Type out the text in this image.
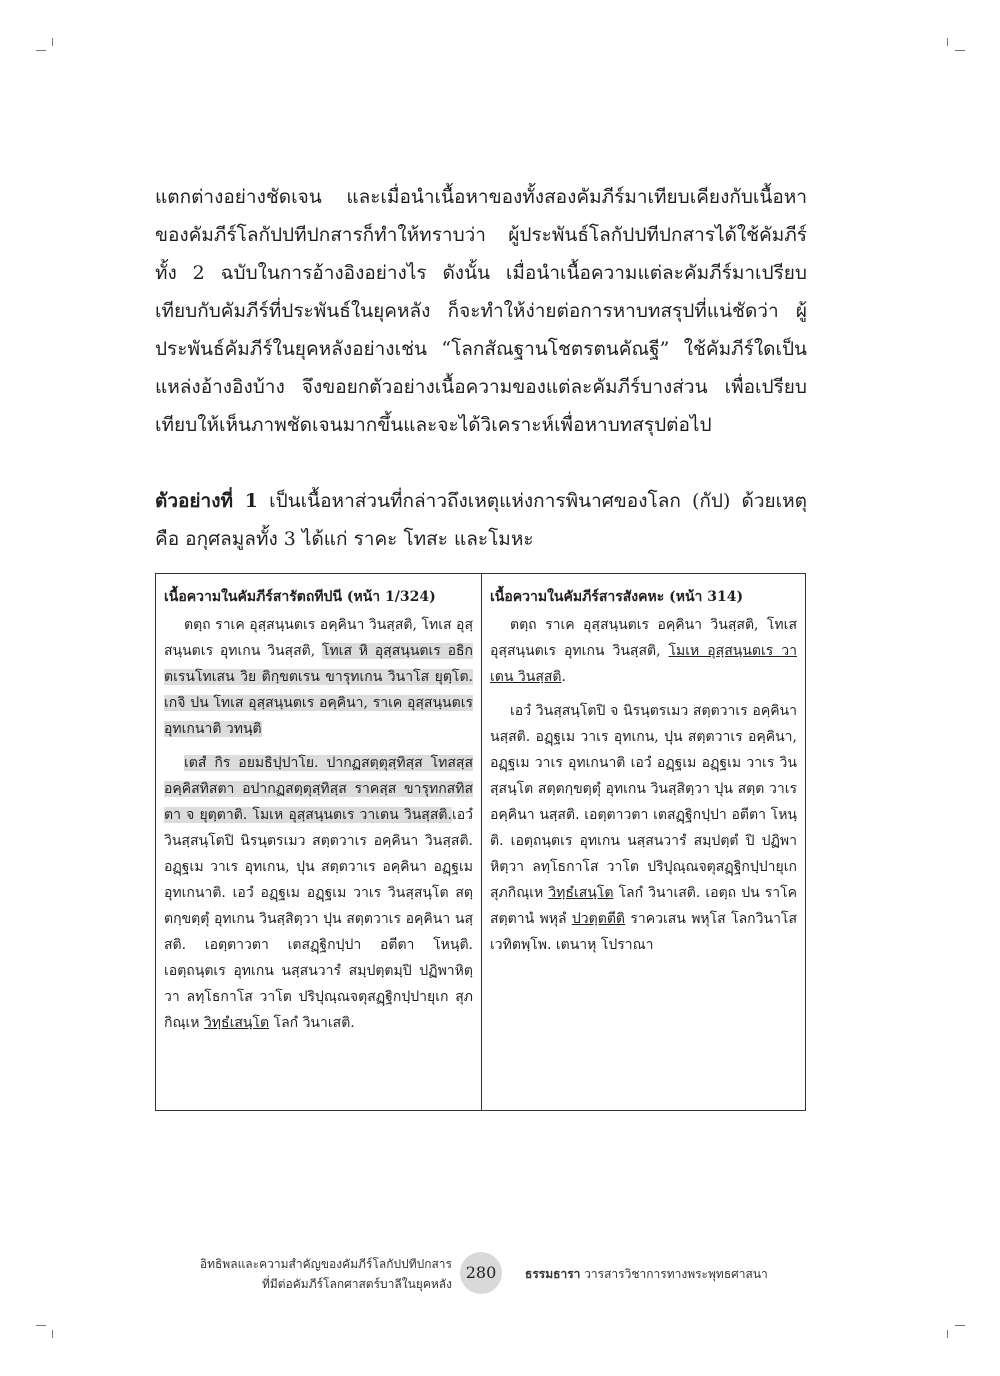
แตกต่างอย่างชัดเจน และเมื่อนำเนื้อหาของทั้งสองคัมภีร์มาเทียบเคียงกับเนื้อหาของคัมภีร์โลกัปปทีปกสารก็ทำให้ทราบว่า ผู้ประพันธ์โลกัปปทีปกสารได้ใช้คัมภีร์ทั้ง 2 ฉบับในการอ้างอิงอย่างไร ดังนั้น เมื่อนำเนื้อความแต่ละคัมภีร์มาเปรียบเทียบกับคัมภีร์ที่ประพันธ์ในยุคหลัง ก็จะทำให้ง่ายต่อการหาบทสรุปที่แน่ชัดว่า ผู้ประพันธ์คัมภีร์ในยุคหลังอย่างเช่น “โลกสัณฐานโชตรตนคัณฐี” ใช้คัมภีร์ใดเป็นแหล่งอ้างอิงบ้าง จึงขอยกตัวอย่างเนื้อความของแต่ละคัมภีร์บางส่วน เพื่อเปรียบเทียบให้เห็นภาพชัดเจนมากขึ้นและจะได้วิเคราะห์เพื่อหาบทสรุปต่อไป

ตัวอย่างที่ 1 เป็นเนื้อหาส่วนที่กล่าวถึงเหตุแห่งการพินาศของโลก (กัป) ด้วยเหตุ คือ อกุศลมูลทั้ง 3 ได้แก่ ราคะ โทสะ และโมหะ

เนื้อความในคัมภีร์สารัตถทีปนี (หน้า 1/324)

ตตฺถ ราเค อุสฺสนฺนตเร อคฺคินา วินสฺสติ, โทเส อุสฺสนฺนตเร อุทเกน วินสฺสติ, โทเส หิ อุสฺสนฺนตเร อธิกตเรนโทเสน วิย ติกฺขตเรน ขารุทเกน วินาโส ยุตฺโต. เกจิ ปน โทเส อุสฺสนฺนตเร อคฺคินา, ราเค อุสฺสนฺนตเร อุทเกนาติ วทนฺติ

เตสํ กิร อยมธิปฺปาโย. ปากฏสตฺตุสฺทิสฺส โทสสฺส อคฺคิสทิสตา อปากฏสตฺตุสฺทิสฺส ราคสฺส ขารุทกสทิสตา จ ยุตฺตาติ. โมเห อุสฺสนฺนตเร วาเตน วินสฺสติ.เอวํ วินสฺสนฺโตปิ นิรนฺตรเมว สตฺตวาเร อคฺคินา วินสฺสติ. อฏฺฐเม วาเร อุทเกน, ปุน สตฺตวาเร อคฺคินา อฏฺฐเม อุทเกนาติ. เอวํ อฏฺฐเม อฏฺฐเม วาเร วินสฺสนฺโต สตฺตกฺขตฺตุํ อุทเกน วินสฺสิตฺวา ปุน สตฺตวาเร อคฺคินา นสฺสติ. เอตฺตาวตา เตสฏฺฐิกปฺปา อตีตา โหนฺติ. เอตฺถนฺตเร อุทเกน นสฺสนวารํ สมฺปตฺตมฺปิ ปฏิพาหิตฺวา ลทฺโธกาโส วาโต ปริปุณฺณจตุสฏฺฐิกปฺปายุเก สุภกิณฺเห วิทฺธํเสนฺโต โลกํ วินาเสติ.

เนื้อความในคัมภีร์สารสังคหะ (หน้า 314)

ตตฺถ ราเค อุสฺสนฺนตเร อคฺคินา วินสฺสติ, โทเส อุสฺสนฺนตเร อุทเกน วินสฺสติ, โมเห อุสฺสนฺนตเร วาเตน วินสฺสติ.

เอวํ วินสฺสนฺโตปิ จ นิรนฺตรเมว สตฺตวาเร อคฺคินา นสฺสติ. อฏฺฐเม วาเร อุทเกน, ปุน สตฺตวาเร อคฺคินา, อฏฺฐเม วาเร อุทเกนาติ เอวํ อฏฺฐเม อฏฺฐเม วาเร วินสฺสนฺโต สตฺตกฺขตฺตุํ อุทเกน วินสฺสิตฺวา ปุน สตฺต วาเร อคฺคินา นสฺสติ. เอตฺตาวตา เตสฏฺฐิกปฺปา อตีตา โหนฺติ. เอตฺถนฺตเร อุทเกน นสฺสนวารํ สมฺปตฺตํ ปิ ปฏิพาหิตฺวา ลทฺโธกาโส วาโต ปริปุณฺณจตุสฏฺฐิกปฺปายุเก สุภกิณฺเห วิทฺธํเสนฺโต โลกํ วินาเสติ. เอตฺถ ปน ราโค สตฺตานํ พหุลํ ปวตฺตตีติ ราควเสน พหุโส โลกวินาโส เวทิตพฺโพ. เตนาหุ โปราณา

อิทธิพลและความสำคัญของคัมภีร์โลกัปปทีปกสาร
ที่มีต่อคัมภีร์โลกศาสตร์บาลีในยุคหลัง
280	ธรรมธารา วารสารวิชาการทางพระพุทธศาสนา
